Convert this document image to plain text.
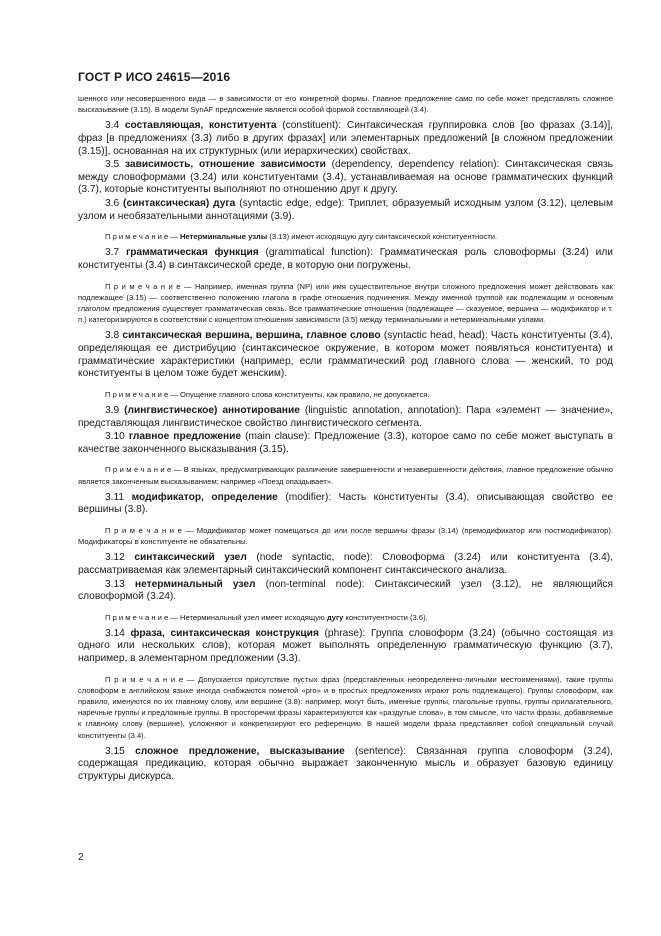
ГОСТ Р ИСО 24615—2016

шенного или несовершенного вида — в зависимости от его конкретной формы. Главное предложение само по себе может представлять сложное высказывание (3.15). В модели SynAF предложение является особой формой составляющей (3.4).

3.4 составляющая, конституента (constituent): Синтаксическая группировка слов [во фразах (3.14)], фраз [в предложениях (3.3) либо в других фразах] или элементарных предложений [в сложном предложении (3.15)], основанная на их структурных (или иерархических) свойствах.

3.5 зависимость, отношение зависимости (dependency, dependency relation): Синтаксическая связь между словоформами (3.24) или конституентами (3.4), устанавливаемая на основе грамматических функций (3.7), которые конституенты выполняют по отношению друг к другу.

3.6 (синтаксическая) дуга (syntactic edge, edge): Триплет, образуемый исходным узлом (3.12), целевым узлом и необязательными аннотациями (3.9).

П р и м е ч а н и е — Нетерминальные узлы (3.13) имеют исходящую дугу синтаксической конституентности.

3.7 грамматическая функция (grammatical function): Грамматическая роль словоформы (3.24) или конституенты (3.4) в синтаксической среде, в которую они погружены.

П р и м е ч а н и е — Например, именная группа (NP) или имя существительное внутри сложного предложения может действовать как подлежащее (3.15) — соответственно положению глагола в графе отношения подчинения. Между именной группой как подлежащим и основным глаголом предложения существует грамматическая связь. Все грамматические отношения (подлежащее — сказуемое, вершина — модификатор и т. п.) категоризируются в соответствии с концептом отношения зависимости (3.5) между терминальными и нетерминальными узлами.

3.8 синтаксическая вершина, вершина, главное слово (syntactic head, head): Часть конституенты (3.4), определяющая ее дистрибуцию (синтаксическое окружение, в котором может появляться конституента) и грамматические характеристики (например, если грамматический род главного слова — женский, то род конституенты в целом тоже будет женским).

П р и м е ч а н и е — Опущение главного слова конституенты, как правило, не допускается.

3.9 (лингвистическое) аннотирование (linguistic annotation, annotation): Пара «элемент — значение», представляющая лингвистическое свойство лингвистического сегмента.

3.10 главное предложение (main clause): Предложение (3.3), которое само по себе может выступать в качестве законченного высказывания (3.15).

П р и м е ч а н и е — В языках, предусматривающих различение завершенности и незавершенности действия, главное предложение обычно является законченным высказыванием; например «Поезд опаздывает».

3.11 модификатор, определение (modifier): Часть конституенты (3.4), описывающая свойство ее вершины (3.8).

П р и м е ч а н и е — Модификатор может помещаться до или после вершины фразы (3.14) (премодификатор или постмодификатор). Модификаторы в конституенте не обязательны.

3.12 синтаксический узел (node syntactic, node): Словоформа (3.24) или конституента (3.4), рассматриваемая как элементарный синтаксический компонент синтаксического анализа.

3.13 нетерминальный узел (non-terminal node): Синтаксический узел (3.12), не являющийся словоформой (3.24).

П р и м е ч а н и е — Нетерминальный узел имеет исходящую дугу конституентности (3.6).

3.14 фраза, синтаксическая конструкция (phrase): Группа словоформ (3.24) (обычно состоящая из одного или нескольких слов), которая может выполнять определенную грамматическую функцию (3.7), например, в элементарном предложении (3.3).

П р и м е ч а н и е — Допускается присутствие пустых фраз (представленных неопределенно-личными местоимениями), такие группы словоформ в английском языке иногда снабжаются пометой «pro» и в простых предложениях играют роль подлежащего). Группы словоформ, как правило, именуются по их главному слову, или вершине (3.8): например, могут быть, именные группы, глагольные группы, группы прилагательного, наречные группы и предложные группы. В просторечии фразы характеризуются как «раздутые слова», в том смысле, что части фразы, добавляемые к главному слову (вершине), усложняют и конкретизируют его референцию. В нашей модели фраза представляет собой специальный случай конституенты (3.4).

3.15 сложное предложение, высказывание (sentence): Связанная группа словоформ (3.24), содержащая предикацию, которая обычно выражает законченную мысль и образует базовую единицу структуры дискурса.

2
